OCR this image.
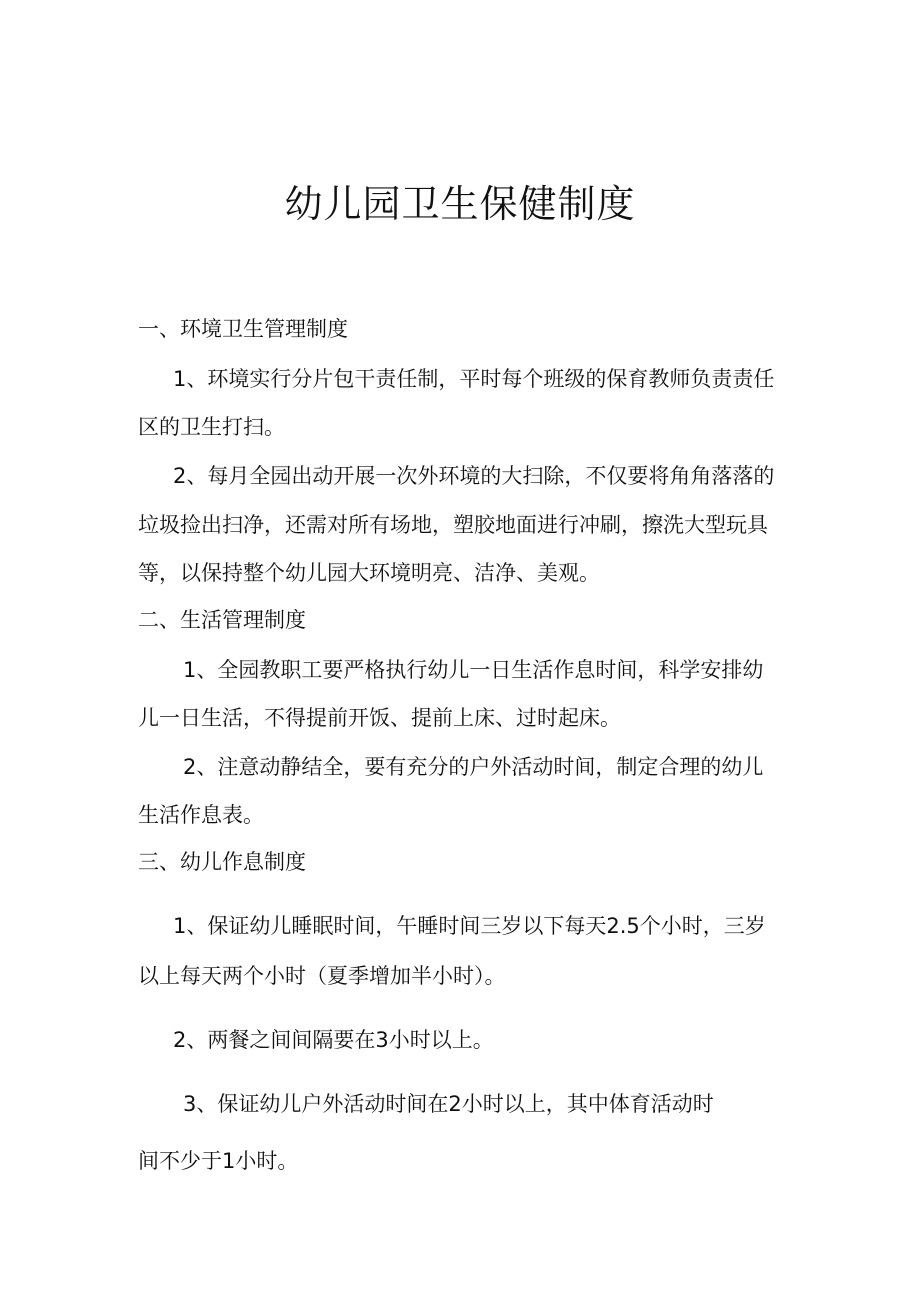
幼儿园卫生保健制度
一、环境卫生管理制度
1、环境实行分片包干责任制，平时每个班级的保育教师负责责任
区的卫生打扫。
2、每月全园出动开展一次外环境的大扫除，不仅要将角角落落的
垃圾捡出扫净，还需对所有场地，塑胶地面进行冲刷，擦洗大型玩具
等，以保持整个幼儿园大环境明亮、洁净、美观。
二、生活管理制度
1、全园教职工要严格执行幼儿一日生活作息时间，科学安排幼
儿一日生活，不得提前开饭、提前上床、过时起床。
2、注意动静结全，要有充分的户外活动时间，制定合理的幼儿
生活作息表。
三、幼儿作息制度
1、保证幼儿睡眠时间，午睡时间三岁以下每天2.5个小时，三岁
以上每天两个小时（夏季增加半小时）。
2、两餐之间间隔要在3小时以上。
3、保证幼儿户外活动时间在2小时以上，其中体育活动时
间不少于1小时。
